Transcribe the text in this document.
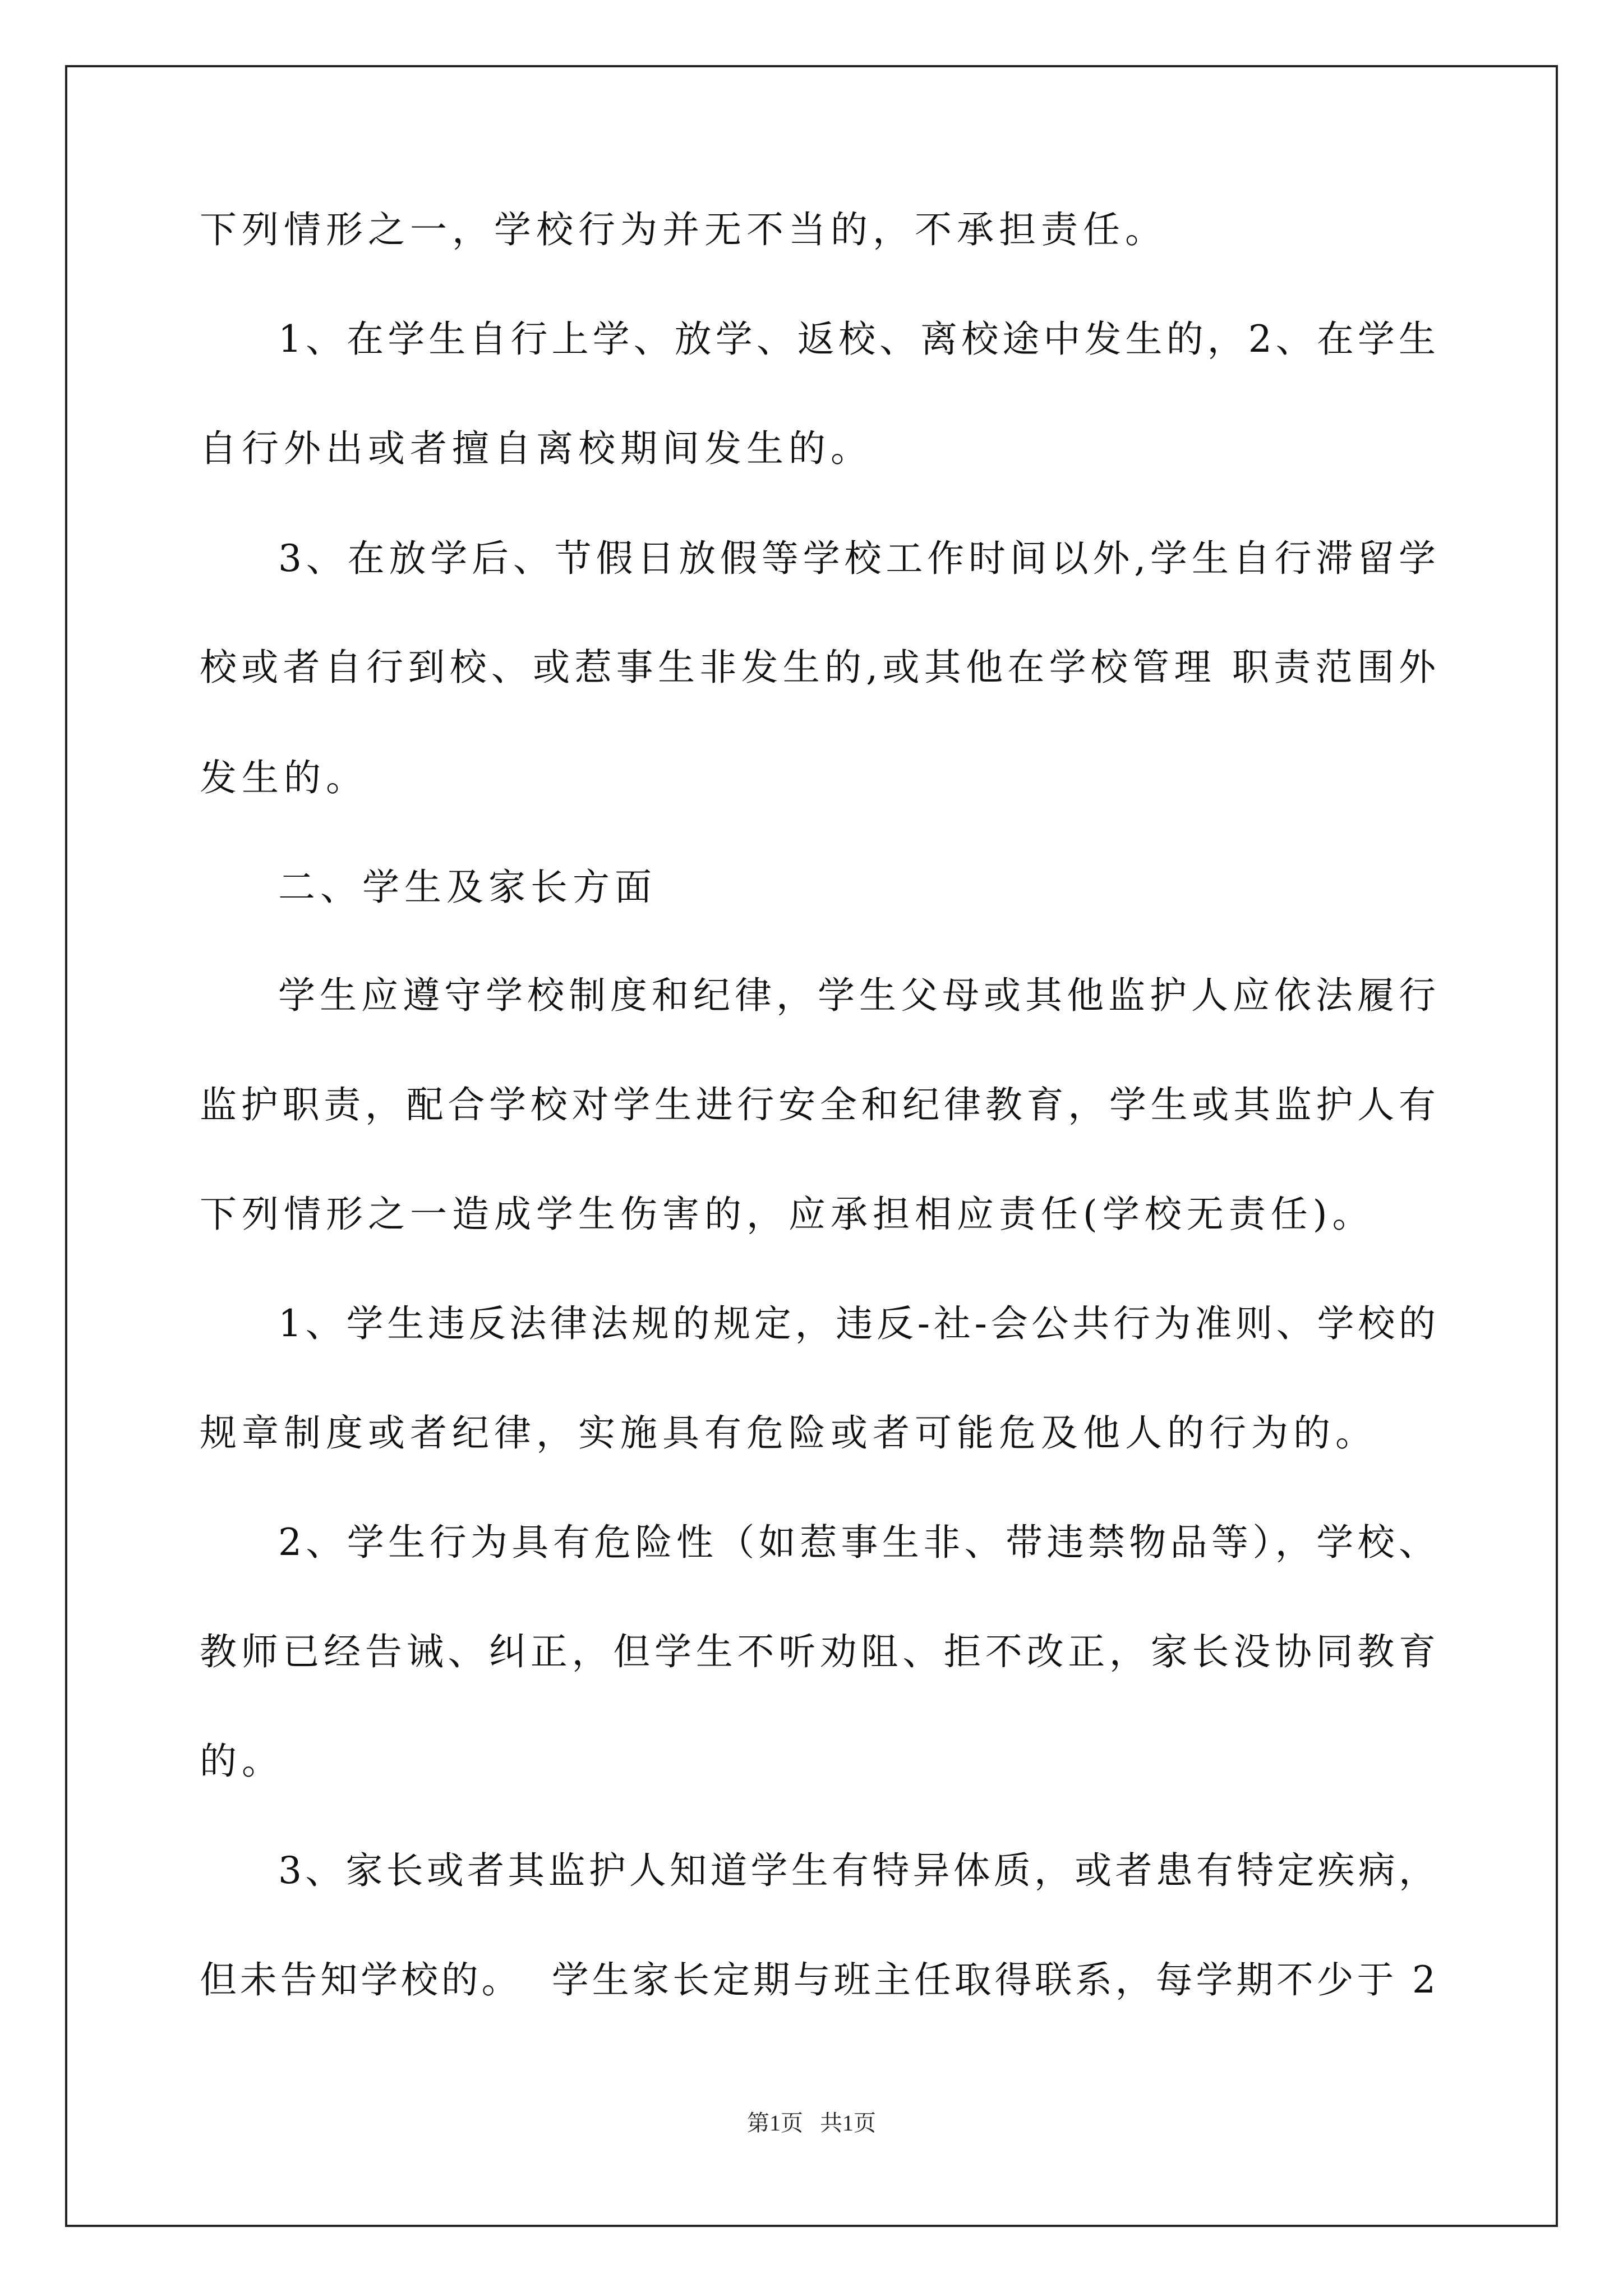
下列情形之一，学校行为并无不当的，不承担责任。
1、在学生自行上学、放学、返校、离校途中发生的，2、在学生
自行外出或者擅自离校期间发生的。
3、在放学后、节假日放假等学校工作时间以外,学生自行滞留学
校或者自行到校、或惹事生非发生的,或其他在学校管理 职责范围外
发生的。
二、学生及家长方面
学生应遵守学校制度和纪律，学生父母或其他监护人应依法履行
监护职责，配合学校对学生进行安全和纪律教育，学生或其监护人有
下列情形之一造成学生伤害的，应承担相应责任(学校无责任)。
1、学生违反法律法规的规定，违反-社-会公共行为准则、学校的
规章制度或者纪律，实施具有危险或者可能危及他人的行为的。
2、学生行为具有危险性（如惹事生非、带违禁物品等），学校、
教师已经告诫、纠正，但学生不听劝阻、拒不改正，家长没协同教育
的。
3、家长或者其监护人知道学生有特异体质，或者患有特定疾病，
但未告知学校的。  学生家长定期与班主任取得联系，每学期不少于 2
第1页   共1页
